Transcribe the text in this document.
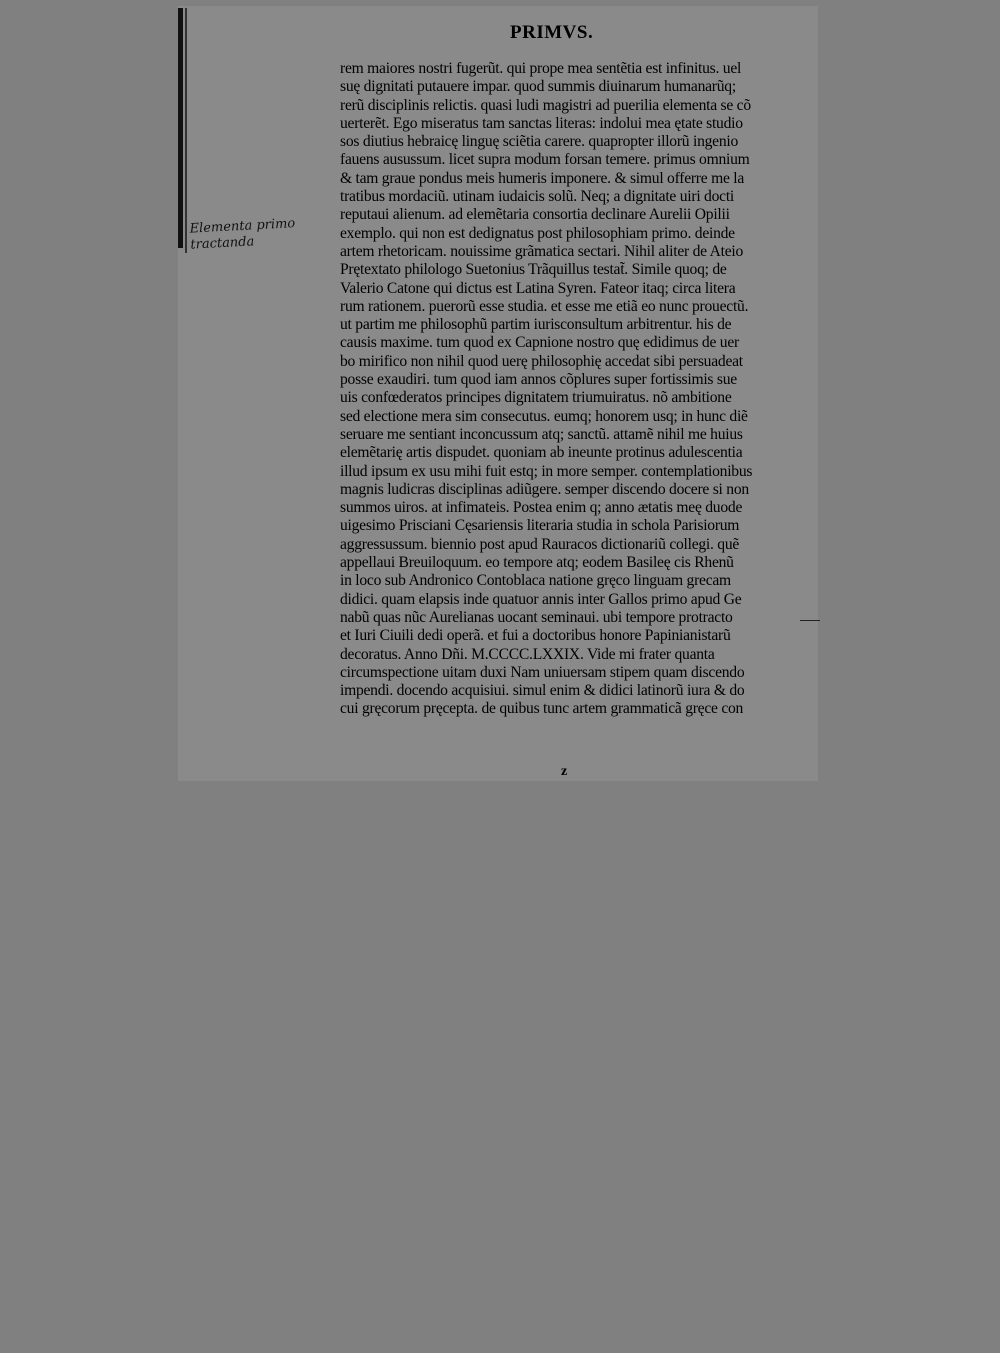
PRIMVS.
Elementa primo tractanda
rem maiores nostri fugerũt. qui prope mea sentẽtia est infinitus. uel
suę dignitati putauere impar. quod summis diuinarum humanarũq;
rerũ disciplinis relictis. quasi ludi magistri ad puerilia elementa se cõ
uerterẽt. Ego miseratus tam sanctas literas: indolui mea ętate studio
sos diutius hebraicę linguę sciẽtia carere. quapropter illorũ ingenio
fauens ausussum. licet supra modum forsan temere. primus omnium
& tam graue pondus meis humeris imponere. & simul offerre me la
tratibus mordaciũ. utinam iudaicis solũ. Neq; a dignitate uiri docti
reputaui alienum. ad elemẽtaria consortia declinare Aurelii Opilii
exemplo. qui non est dedignatus post philosophiam primo. deinde
artem rhetoricam. nouissime grãmatica sectari. Nihil aliter de Ateio
Prętextato philologo Suetonius Trãquillus testat̃. Simile quoq; de
Valerio Catone qui dictus est Latina Syren. Fateor itaq; circa litera
rum rationem. puerorũ esse studia. et esse me etiã eo nunc prouectũ.
ut partim me philosophũ partim iurisconsultum arbitrentur. his de
causis maxime. tum quod ex Capnione nostro quę edidimus de uer
bo mirifico non nihil quod uerę philosophię accedat sibi persuadeat
posse exaudiri. tum quod iam annos cõplures super fortissimis sue
uis confœderatos principes dignitatem triumuiratus. nõ ambitione
sed electione mera sim consecutus. eumq; honorem usq; in hunc diẽ
seruare me sentiant inconcussum atq; sanctũ. attamẽ nihil me huius
elemẽtarię artis dispudet. quoniam ab ineunte protinus adulescentia
illud ipsum ex usu mihi fuit estq; in more semper. contemplationibus
magnis ludicras disciplinas adiũgere. semper discendo docere si non
summos uiros. at infimateis. Postea enim q; anno ætatis meę duode
uigesimo Prisciani Cęsariensis literaria studia in schola Parisiorum
aggressussum. biennio post apud Rauracos dictionariũ collegi. quẽ
appellaui Breuiloquum. eo tempore atq; eodem Basileę cis Rhenũ
in loco sub Andronico Contoblaca natione gręco linguam grecam
didici. quam elapsis inde quatuor annis inter Gallos primo apud Ge
nabũ quas nũc Aurelianas uocant seminaui. ubi tempore protracto
et Iuri Ciuili dedi operã. et fui a doctoribus honore Papinianistarũ
decoratus. Anno Dñi. M.CCCC.LXXIX. Vide mi frater quanta
circumspectione uitam duxi Nam uniuersam stipem quam discendo
impendi. docendo acquisiui. simul enim & didici latinorũ iura & do
cui gręcorum pręcepta. de quibus tunc artem grammaticã gręce con
z
